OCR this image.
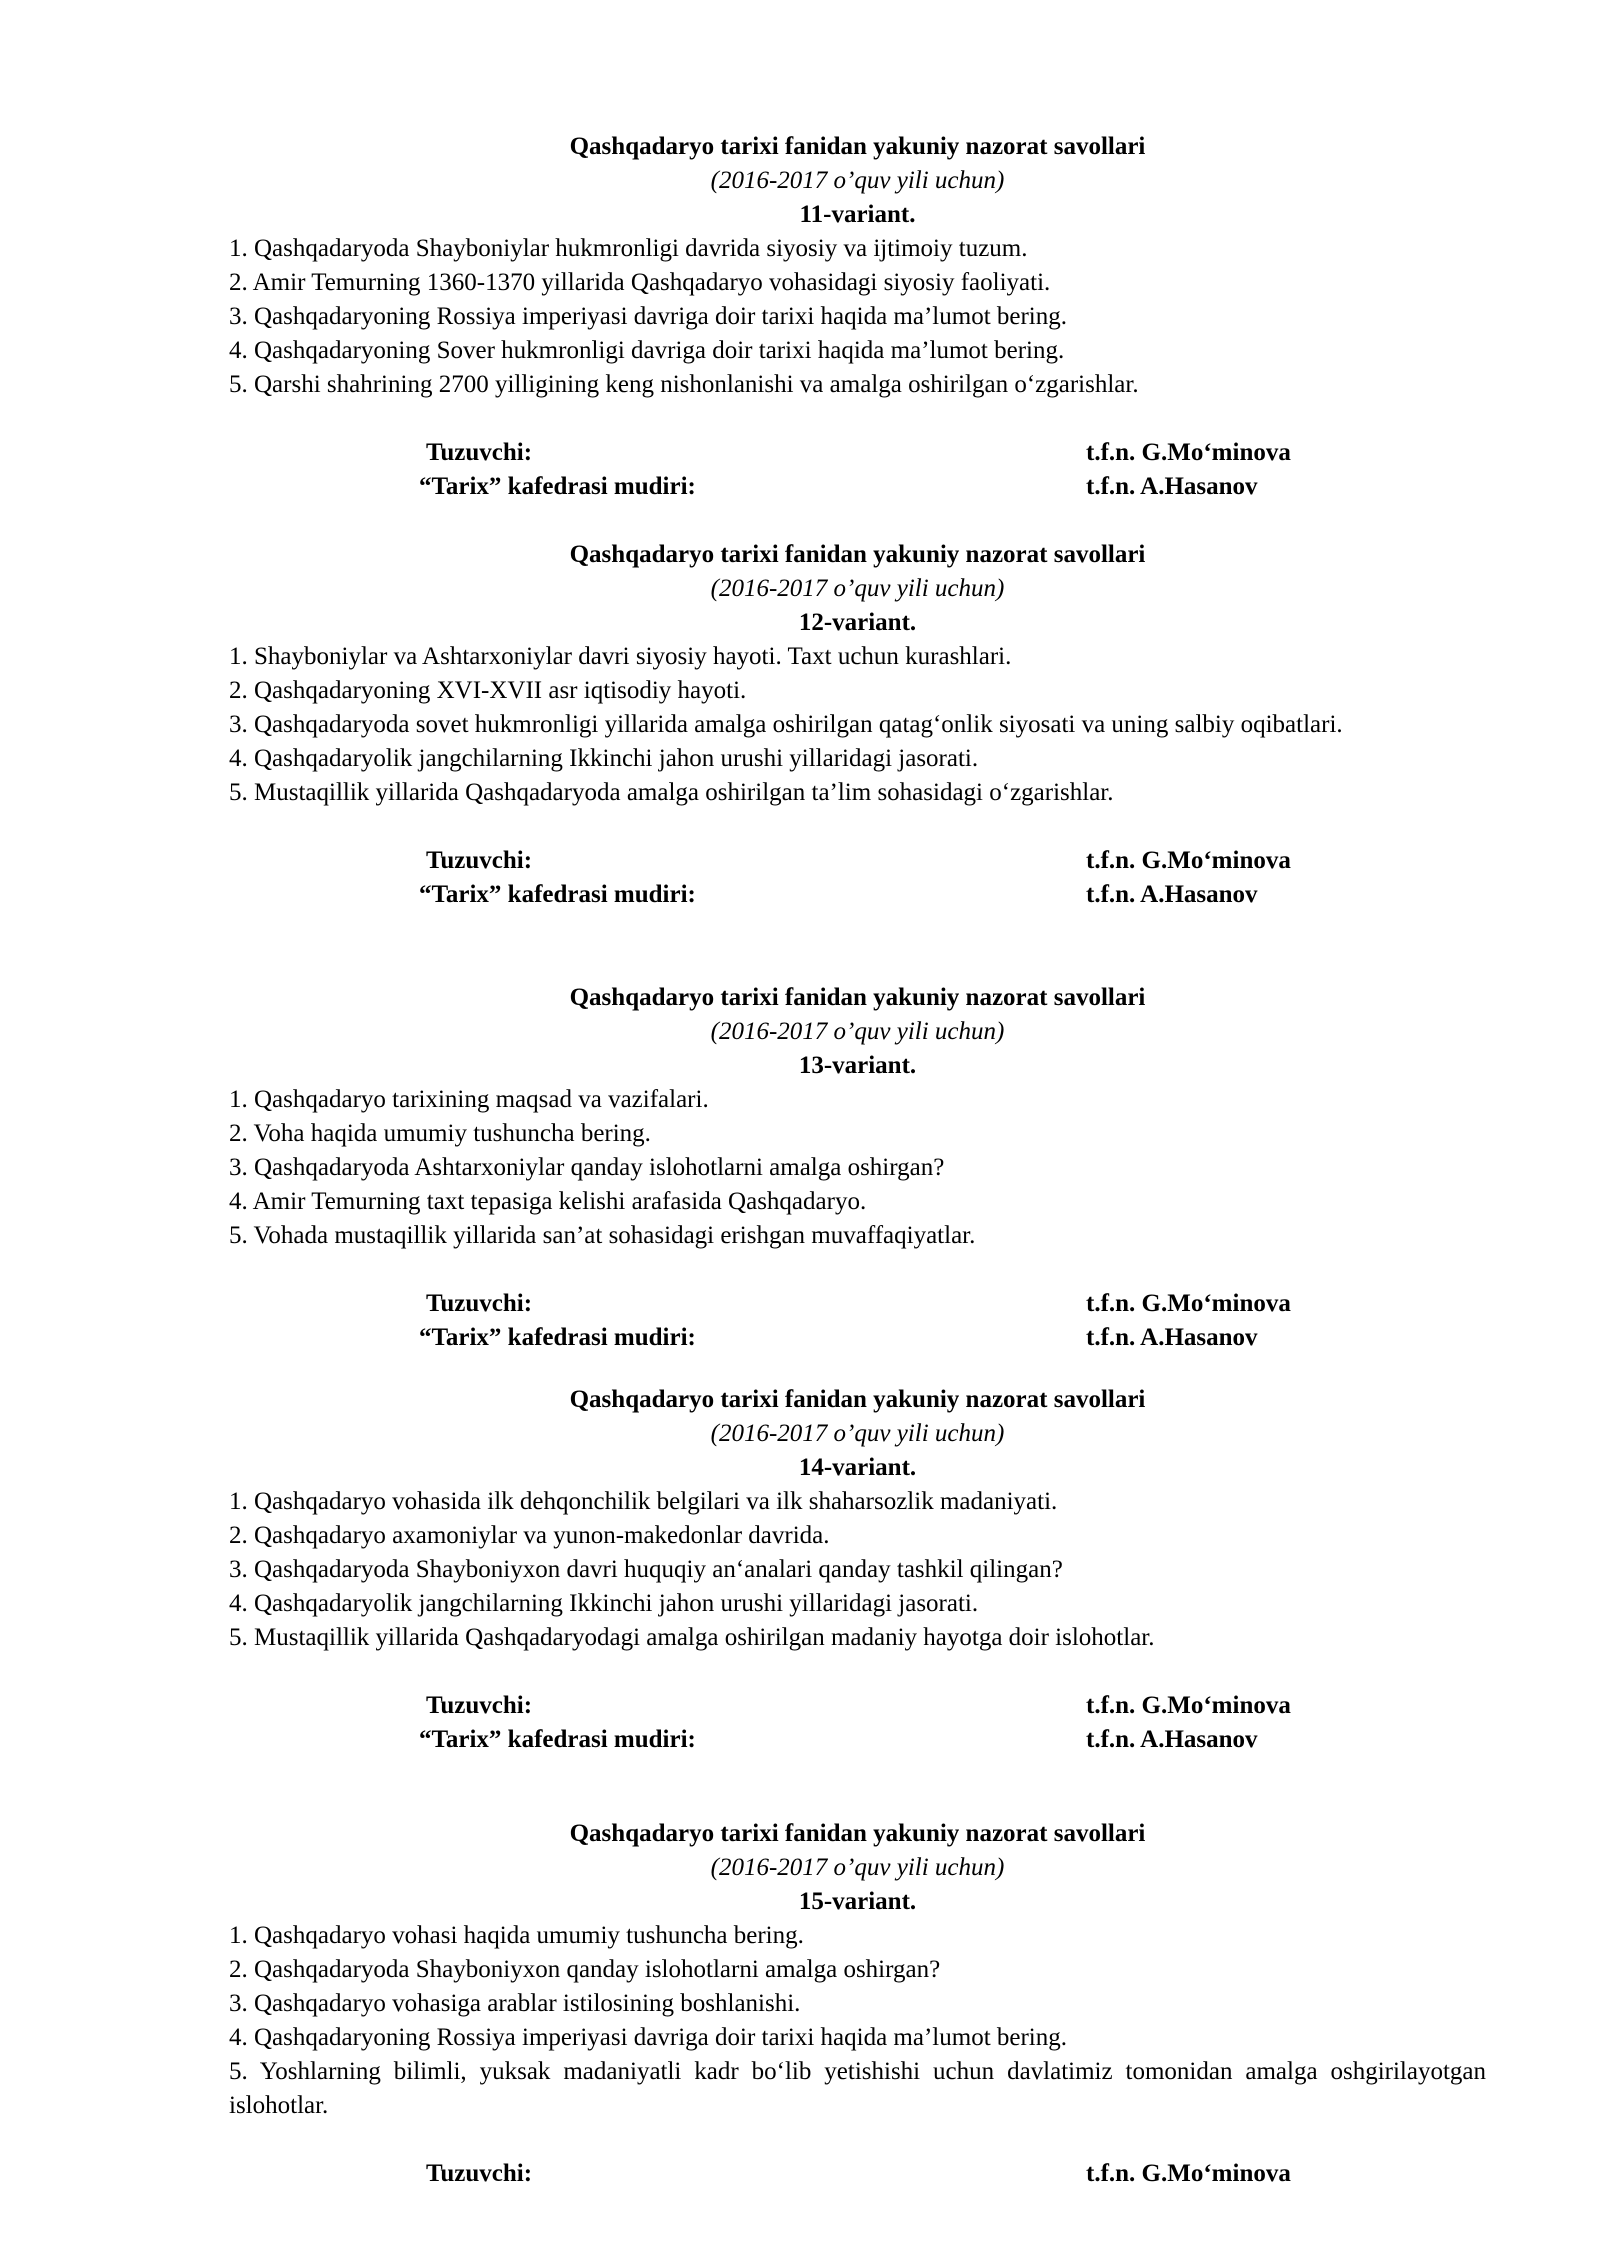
Qashqadaryo tarixi fanidan yakuniy nazorat savollari

(2016-2017 o’quv yili uchun)

11-variant.

1. Qashqadaryoda Shayboniylar hukmronligi davrida siyosiy va ijtimoiy tuzum.
2. Amir Temurning 1360-1370 yillarida Qashqadaryo vohasidagi siyosiy faoliyati.
3. Qashqadaryoning Rossiya imperiyasi davriga doir tarixi haqida ma’lumot bering.
4. Qashqadaryoning Sover hukmronligi davriga doir tarixi haqida ma’lumot bering.
5. Qarshi shahrining 2700 yilligining keng nishonlanishi va amalga oshirilgan o‘zgarishlar.
Tuzuvchi:	t.f.n. G.Mo‘minova
“Tarix” kafedrasi mudiri:	t.f.n. A.Hasanov

Qashqadaryo tarixi fanidan yakuniy nazorat savollari

(2016-2017 o’quv yili uchun)

12-variant.

1. Shayboniylar va Ashtarxoniylar davri siyosiy hayoti. Taxt uchun kurashlari.
2. Qashqadaryoning XVI-XVII asr iqtisodiy hayoti.
3. Qashqadaryoda sovet hukmronligi yillarida amalga oshirilgan qatag‘onlik siyosati va uning salbiy oqibatlari.
4. Qashqadaryolik jangchilarning Ikkinchi jahon urushi yillaridagi jasorati.
5. Mustaqillik yillarida Qashqadaryoda amalga oshirilgan ta’lim sohasidagi o‘zgarishlar.
Tuzuvchi:	t.f.n. G.Mo‘minova
“Tarix” kafedrasi mudiri:	t.f.n. A.Hasanov

Qashqadaryo tarixi fanidan yakuniy nazorat savollari

(2016-2017 o’quv yili uchun)

13-variant.

1. Qashqadaryo tarixining maqsad va vazifalari.
2. Voha haqida umumiy tushuncha bering.
3. Qashqadaryoda Ashtarxoniylar qanday islohotlarni amalga oshirgan?
4. Amir Temurning taxt tepasiga kelishi arafasida Qashqadaryo.
5. Vohada mustaqillik yillarida san’at sohasidagi erishgan muvaffaqiyatlar.
Tuzuvchi:	t.f.n. G.Mo‘minova
“Tarix” kafedrasi mudiri:	t.f.n. A.Hasanov

Qashqadaryo tarixi fanidan yakuniy nazorat savollari

(2016-2017 o’quv yili uchun)

14-variant.

1. Qashqadaryo vohasida ilk dehqonchilik belgilari va ilk shaharsozlik madaniyati.
2. Qashqadaryo axamoniylar va yunon-makedonlar davrida.
3. Qashqadaryoda Shayboniyxon davri huquqiy an‘analari qanday tashkil qilingan?
4. Qashqadaryolik jangchilarning Ikkinchi jahon urushi yillaridagi jasorati.
5. Mustaqillik yillarida Qashqadaryodagi amalga oshirilgan madaniy hayotga doir islohotlar.
Tuzuvchi:	t.f.n. G.Mo‘minova
“Tarix” kafedrasi mudiri:	t.f.n. A.Hasanov

Qashqadaryo tarixi fanidan yakuniy nazorat savollari

(2016-2017 o’quv yili uchun)

15-variant.

1. Qashqadaryo vohasi haqida umumiy tushuncha bering.
2. Qashqadaryoda Shayboniyxon qanday islohotlarni amalga oshirgan?
3. Qashqadaryo vohasiga arablar istilosining boshlanishi.
4. Qashqadaryoning Rossiya imperiyasi davriga doir tarixi haqida ma’lumot bering.
5. Yoshlarning bilimli, yuksak madaniyatli kadr bo‘lib yetishishi uchun davlatimiz tomonidan amalga oshgirilayotgan islohotlar.
Tuzuvchi:	t.f.n. G.Mo‘minova
